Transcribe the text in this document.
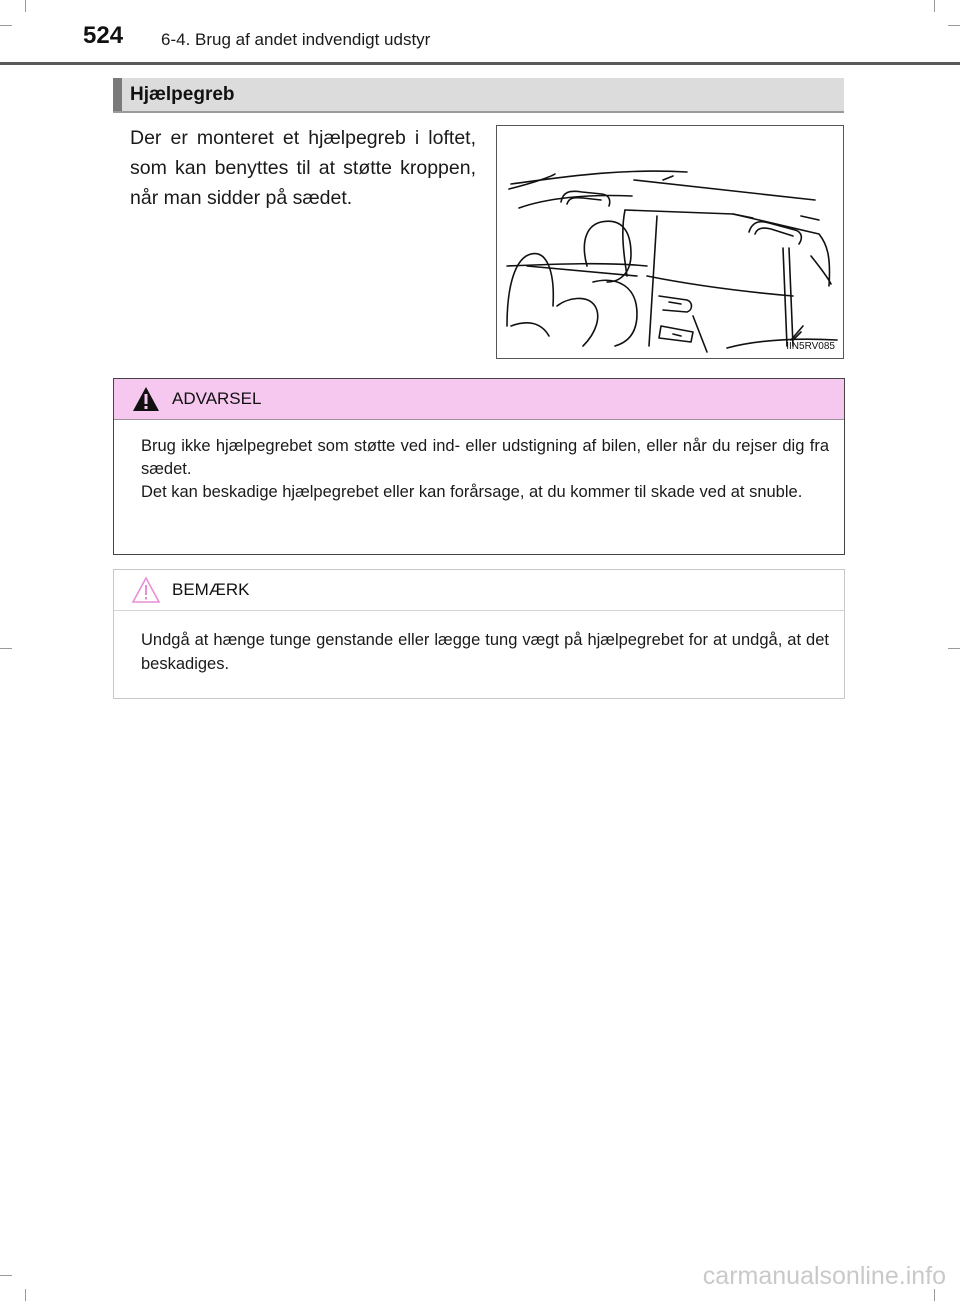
524 6-4. Brug af andet indvendigt udstyr
Hjælpegreb
Der er monteret et hjælpegreb i loftet, som kan benyttes til at støtte kroppen, når man sidder på sædet.
IIN5RV085
ADVARSEL
Brug ikke hjælpegrebet som støtte ved ind- eller udstigning af bilen, eller når du rejser dig fra sædet.
Det kan beskadige hjælpegrebet eller kan forårsage, at du kommer til skade ved at snuble.
BEMÆRK
Undgå at hænge tunge genstande eller lægge tung vægt på hjælpegrebet for at undgå, at det beskadiges.
carmanualsonline.info
